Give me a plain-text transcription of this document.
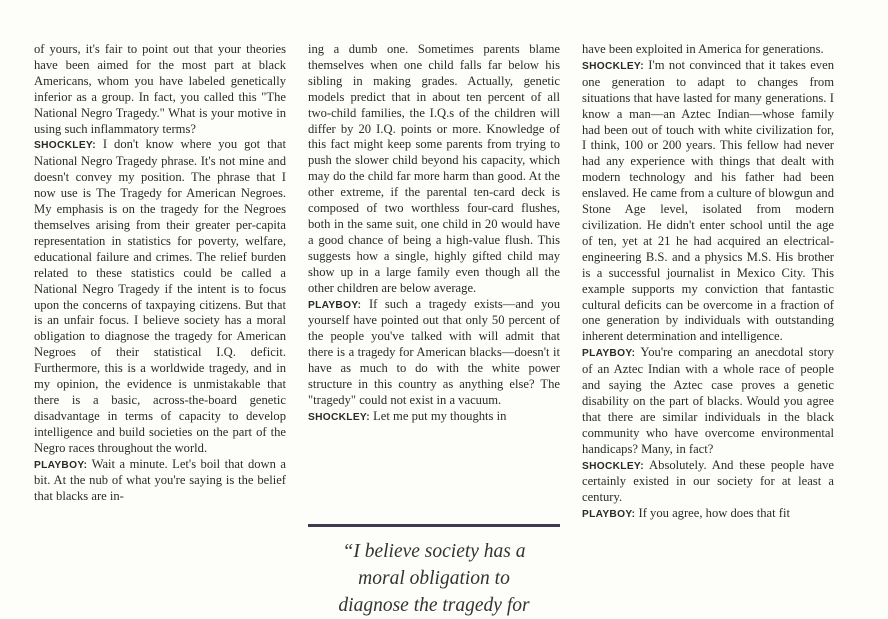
of yours, it's fair to point out that your theories have been aimed for the most part at black Americans, whom you have labeled genetically inferior as a group. In fact, you called this "The National Negro Tragedy." What is your motive in using such inflammatory terms?

SHOCKLEY: I don't know where you got that National Negro Tragedy phrase. It's not mine and doesn't convey my position. The phrase that I now use is The Tragedy for American Negroes. My emphasis is on the tragedy for the Negroes themselves arising from their greater per-capita representation in statistics for poverty, welfare, educational failure and crimes. The relief burden related to these statistics could be called a National Negro Tragedy if the intent is to focus upon the concerns of taxpaying citizens. But that is an unfair focus. I believe society has a moral obligation to diagnose the tragedy for American Negroes of their statistical I.Q. deficit. Furthermore, this is a worldwide tragedy, and in my opinion, the evidence is unmistakable that there is a basic, across-the-board genetic disadvantage in terms of capacity to develop intelligence and build societies on the part of the Negro races throughout the world.

PLAYBOY: Wait a minute. Let's boil that down a bit. At the nub of what you're saying is the belief that blacks are in-

ing a dumb one. Sometimes parents blame themselves when one child falls far below his sibling in making grades. Actually, genetic models predict that in about ten percent of all two-child families, the I.Q.s of the children will differ by 20 I.Q. points or more. Knowledge of this fact might keep some parents from trying to push the slower child beyond his capacity, which may do the child far more harm than good. At the other extreme, if the parental ten-card deck is composed of two worthless four-card flushes, both in the same suit, one child in 20 would have a good chance of being a high-value flush. This suggests how a single, highly gifted child may show up in a large family even though all the other children are below average.

PLAYBOY: If such a tragedy exists—and you yourself have pointed out that only 50 percent of the people you've talked with will admit that there is a tragedy for American blacks—doesn't it have as much to do with the white power structure in this country as anything else? The "tragedy" could not exist in a vacuum.

SHOCKLEY: Let me put my thoughts in

“I believe society has a
moral obligation to
diagnose the tragedy for

have been exploited in America for generations.

SHOCKLEY: I'm not convinced that it takes even one generation to adapt to changes from situations that have lasted for many generations. I know a man—an Aztec Indian—whose family had been out of touch with white civilization for, I think, 100 or 200 years. This fellow had never had any experience with things that dealt with modern technology and his father had been enslaved. He came from a culture of blowgun and Stone Age level, isolated from modern civilization. He didn't enter school until the age of ten, yet at 21 he had acquired an electrical-engineering B.S. and a physics M.S. His brother is a successful journalist in Mexico City. This example supports my conviction that fantastic cultural deficits can be overcome in a fraction of one generation by individuals with outstanding inherent determination and intelligence.

PLAYBOY: You're comparing an anecdotal story of an Aztec Indian with a whole race of people and saying the Aztec case proves a genetic disability on the part of blacks. Would you agree that there are similar individuals in the black community who have overcome environmental handicaps? Many, in fact?

SHOCKLEY: Absolutely. And these people have certainly existed in our society for at least a century.

PLAYBOY: If you agree, how does that fit
